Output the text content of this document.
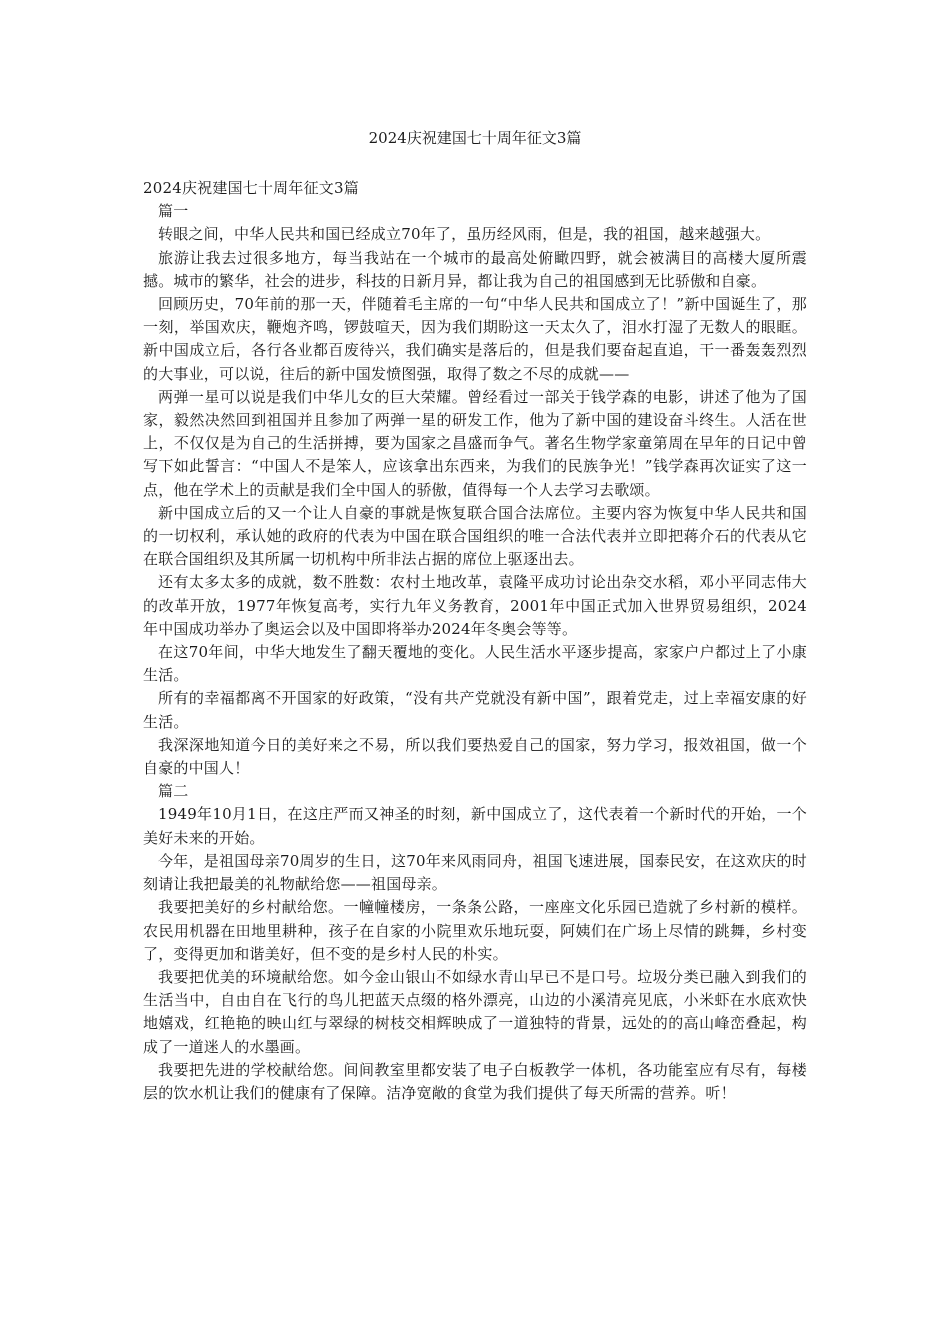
2024庆祝建国七十周年征文3篇

2024庆祝建国七十周年征文3篇

篇一

转眼之间，中华人民共和国已经成立70年了，虽历经风雨，但是，我的祖国，越来越强大。

旅游让我去过很多地方，每当我站在一个城市的最高处俯瞰四野，就会被满目的高楼大厦所震撼。城市的繁华，社会的进步，科技的日新月异，都让我为自己的祖国感到无比骄傲和自豪。

回顾历史，70年前的那一天，伴随着毛主席的一句“中华人民共和国成立了！”新中国诞生了，那一刻，举国欢庆，鞭炮齐鸣，锣鼓喧天，因为我们期盼这一天太久了，泪水打湿了无数人的眼眶。新中国成立后，各行各业都百废待兴，我们确实是落后的，但是我们要奋起直追，干一番轰轰烈烈的大事业，可以说，往后的新中国发愤图强，取得了数之不尽的成就——

两弹一星可以说是我们中华儿女的巨大荣耀。曾经看过一部关于钱学森的电影，讲述了他为了国家，毅然决然回到祖国并且参加了两弹一星的研发工作，他为了新中国的建设奋斗终生。人活在世上，不仅仅是为自己的生活拼搏，要为国家之昌盛而争气。著名生物学家童第周在早年的日记中曾写下如此誓言：“中国人不是笨人，应该拿出东西来，为我们的民族争光！”钱学森再次证实了这一点，他在学术上的贡献是我们全中国人的骄傲，值得每一个人去学习去歌颂。

新中国成立后的又一个让人自豪的事就是恢复联合国合法席位。主要内容为恢复中华人民共和国的一切权利，承认她的政府的代表为中国在联合国组织的唯一合法代表并立即把蒋介石的代表从它在联合国组织及其所属一切机构中所非法占据的席位上驱逐出去。

还有太多太多的成就，数不胜数：农村土地改革，袁隆平成功讨论出杂交水稻，邓小平同志伟大的改革开放，1977年恢复高考，实行九年义务教育，2001年中国正式加入世界贸易组织，2024年中国成功举办了奥运会以及中国即将举办2024年冬奥会等等。

在这70年间，中华大地发生了翻天覆地的变化。人民生活水平逐步提高，家家户户都过上了小康生活。

所有的幸福都离不开国家的好政策，“没有共产党就没有新中国”，跟着党走，过上幸福安康的好生活。

我深深地知道今日的美好来之不易，所以我们要热爱自己的国家，努力学习，报效祖国，做一个自豪的中国人！

篇二

1949年10月1日，在这庄严而又神圣的时刻，新中国成立了，这代表着一个新时代的开始，一个美好未来的开始。

今年，是祖国母亲70周岁的生日，这70年来风雨同舟，祖国飞速进展，国泰民安，在这欢庆的时刻请让我把最美的礼物献给您——祖国母亲。

我要把美好的乡村献给您。一幢幢楼房，一条条公路，一座座文化乐园已造就了乡村新的模样。农民用机器在田地里耕种，孩子在自家的小院里欢乐地玩耍，阿姨们在广场上尽情的跳舞，乡村变了，变得更加和谐美好，但不变的是乡村人民的朴实。

我要把优美的环境献给您。如今金山银山不如绿水青山早已不是口号。垃圾分类已融入到我们的生活当中，自由自在飞行的鸟儿把蓝天点缀的格外漂亮，山边的小溪清亮见底，小米虾在水底欢快地嬉戏，红艳艳的映山红与翠绿的树枝交相辉映成了一道独特的背景，远处的的高山峰峦叠起，构成了一道迷人的水墨画。

我要把先进的学校献给您。间间教室里都安装了电子白板教学一体机，各功能室应有尽有，每楼层的饮水机让我们的健康有了保障。洁净宽敞的食堂为我们提供了每天所需的营养。听！
